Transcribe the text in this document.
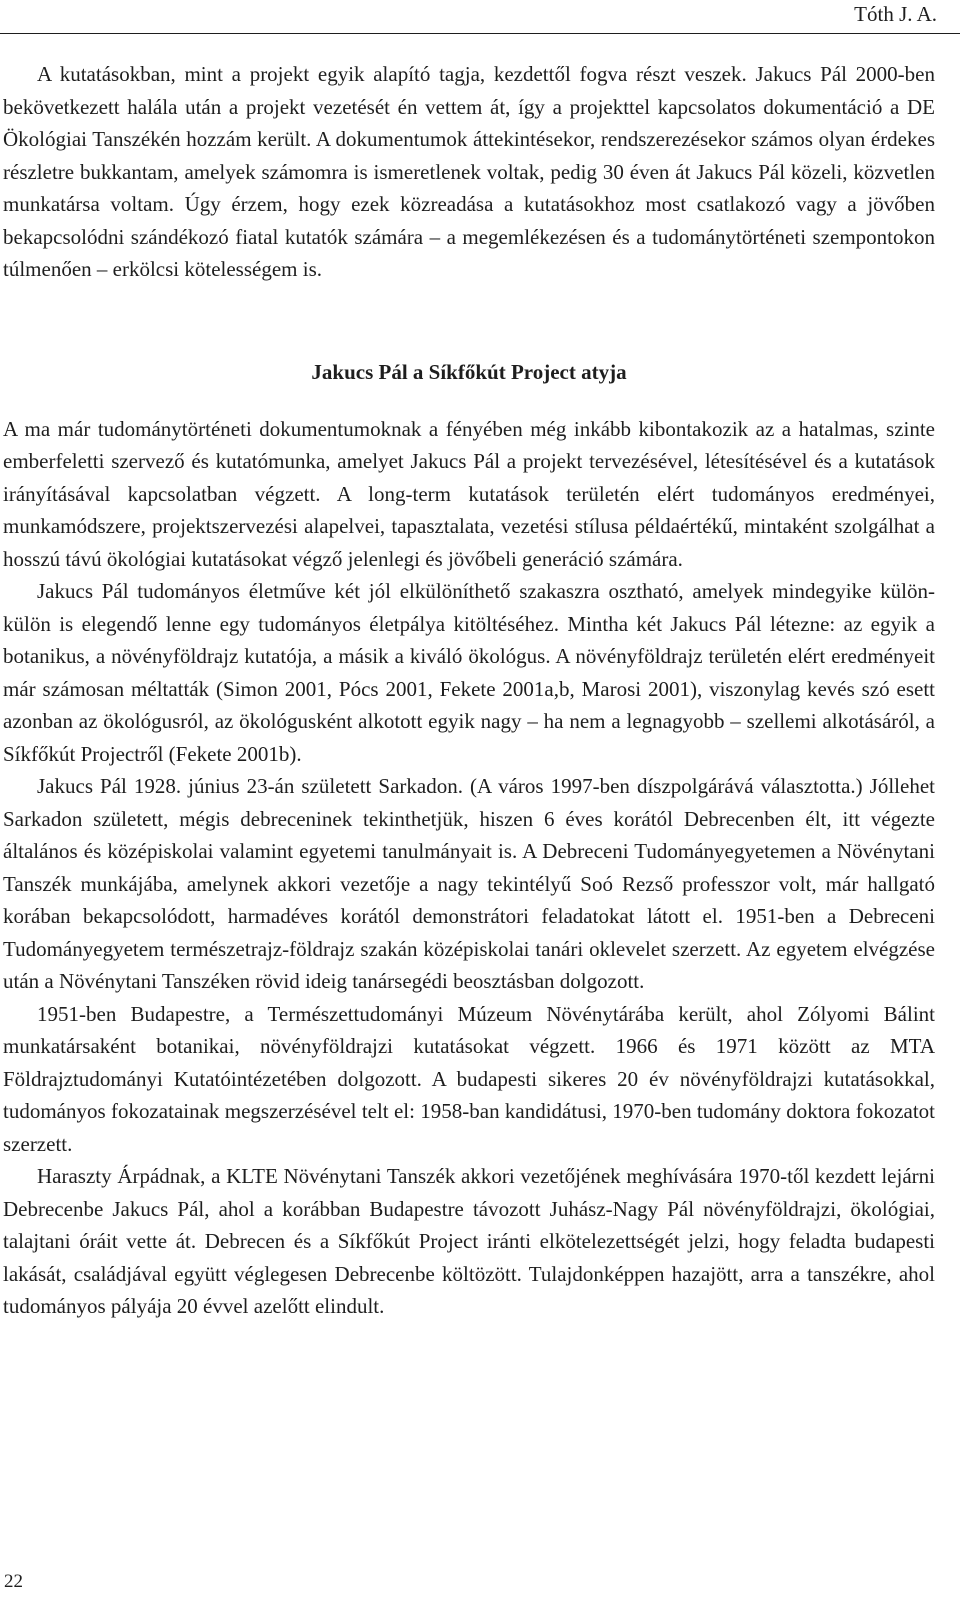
Tóth J. A.

A kutatásokban, mint a projekt egyik alapító tagja, kezdettől fogva részt veszek. Jakucs Pál 2000-ben bekövetkezett halála után a projekt vezetését én vettem át, így a projekttel kapcsolatos dokumentáció a DE Ökológiai Tanszékén hozzám került. A dokumentumok áttekintésekor, rendszerezésekor számos olyan érdekes részletre bukkantam, amelyek számomra is ismeretlenek voltak, pedig 30 éven át Jakucs Pál közeli, közvetlen munkatársa voltam. Úgy érzem, hogy ezek közreadása a kutatásokhoz most csatlakozó vagy a jövőben bekapcsolódni szándékozó fiatal kutatók számára – a megemlékezésen és a tudománytörténeti szempontokon túlmenően – erkölcsi kötelességem is.

Jakucs Pál a Síkfőkút Project atyja

A ma már tudománytörténeti dokumentumoknak a fényében még inkább kibontakozik az a hatalmas, szinte emberfeletti szervező és kutatómunka, amelyet Jakucs Pál a projekt tervezésével, létesítésével és a kutatások irányításával kapcsolatban végzett. A long-term kutatások területén elért tudományos eredményei, munkamódszere, projektszervezési alapelvei, tapasztalata, vezetési stílusa példaértékű, mintaként szolgálhat a hosszú távú ökológiai kutatásokat végző jelenlegi és jövőbeli generáció számára.

Jakucs Pál tudományos életműve két jól elkülöníthető szakaszra osztható, amelyek mindegyike külön-külön is elegendő lenne egy tudományos életpálya kitöltéséhez. Mintha két Jakucs Pál létezne: az egyik a botanikus, a növényföldrajz kutatója, a másik a kiváló ökológus. A növényföldrajz területén elért eredményeit már számosan méltatták (Simon 2001, Pócs 2001, Fekete 2001a,b, Marosi 2001), viszonylag kevés szó esett azonban az ökológusról, az ökológusként alkotott egyik nagy – ha nem a legnagyobb – szellemi alkotásáról, a Síkfőkút Projectről (Fekete 2001b).

Jakucs Pál 1928. június 23-án született Sarkadon. (A város 1997-ben díszpolgárává választotta.) Jóllehet Sarkadon született, mégis debreceninek tekinthetjük, hiszen 6 éves korától Debrecenben élt, itt végezte általános és középiskolai valamint egyetemi tanulmányait is. A Debreceni Tudományegyetemen a Növénytani Tanszék munkájába, amelynek akkori vezetője a nagy tekintélyű Soó Rezső professzor volt, már hallgató korában bekapcsolódott, harmadéves korától demonstrátori feladatokat látott el. 1951-ben a Debreceni Tudományegyetem természetrajz-földrajz szakán középiskolai tanári oklevelet szerzett. Az egyetem elvégzése után a Növénytani Tanszéken rövid ideig tanársegédi beosztásban dolgozott.

1951-ben Budapestre, a Természettudományi Múzeum Növénytárába került, ahol Zólyomi Bálint munkatársaként botanikai, növényföldrajzi kutatásokat végzett. 1966 és 1971 között az MTA Földrajztudományi Kutatóintézetében dolgozott. A budapesti sikeres 20 év növényföldrajzi kutatásokkal, tudományos fokozatainak megszerzésével telt el: 1958-ban kandidátusi, 1970-ben tudomány doktora fokozatot szerzett.

Haraszty Árpádnak, a KLTE Növénytani Tanszék akkori vezetőjének meghívására 1970-től kezdett lejárni Debrecenbe Jakucs Pál, ahol a korábban Budapestre távozott Juhász-Nagy Pál növényföldrajzi, ökológiai, talajtani óráit vette át. Debrecen és a Síkfőkút Project iránti elkötelezettségét jelzi, hogy feladta budapesti lakását, családjával együtt véglegesen Debrecenbe költözött. Tulajdonképpen hazajött, arra a tanszékre, ahol tudományos pályája 20 évvel azelőtt elindult.

22
